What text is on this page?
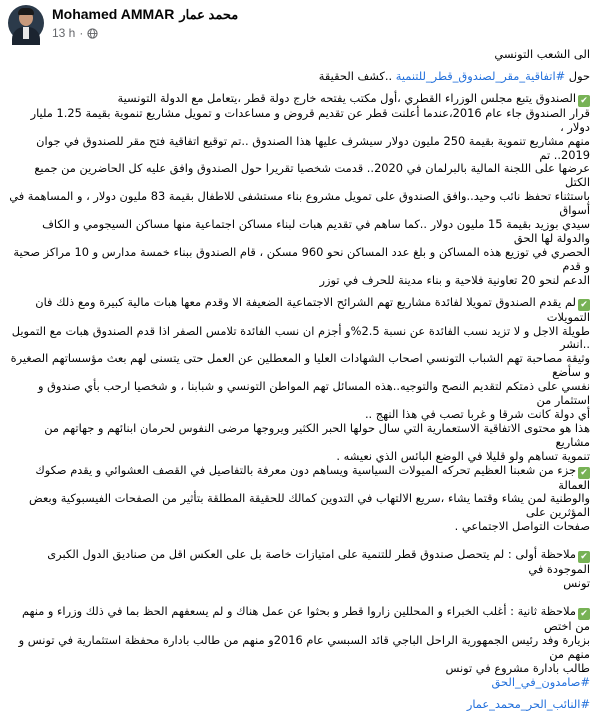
Mohamed AMMAR محمد عمار
13 h ·
الى الشعب التونسي
حول #اتفاقية_مقر_لصندوق_قطر_للتنمية ..كشف الحقيقة
✔الصندوق يتبع مجلس الوزراء القطري ،أول مكتب يفتحه خارج دولة قطر ،يتعامل مع الدولة التونسية
قرار الصندوق جاء عام 2016،عندما أعلنت قطر عن تقديم قروض و مساعدات و تمويل مشاريع تنموية بقيمة 1.25 مليار دولار ،
منهم مشاريع تنموية بقيمة 250 مليون دولار سيشرف عليها هذا الصندوق ..تم توقيع اتفاقية فتح مقر للصندوق في جوان 2019.. تم
عرضها على اللجنة المالية بالبرلمان في 2020.. قدمت شخصيا تقريرا حول الصندوق وافق عليه كل الحاضرين من جميع الكتل
باستثناء تحفظ نائب وحيد..وافق الصندوق على تمويل مشروع بناء مستشفى للاطفال بقيمة 83 مليون دولار ، و المساهمة في أسواق
سيدي بوزيد بقيمة 15 مليون دولار ..كما ساهم في تقديم هبات لبناء مساكن اجتماعية منها مساكن السيجومي و الكاف والدولة لها الحق
الحصري في توزيع هذه المساكن و بلغ عدد المساكن نحو 960 مسكن ، قام الصندوق ببناء خمسة مدارس و 10 مراكز صحية و قدم
الدعم لنحو 20 تعاونية فلاحية و بناء مدينة للحرف في توزر
✔لم يقدم الصندوق تمويلا لفائدة مشاريع تهم الشرائح الاجتماعية الضعيفة الا وقدم معها هبات مالية كبيرة ومع ذلك فان التمويلات
طويلة الاجل و لا تزيد نسب الفائدة عن نسبة 2.5%و أجزم ان نسب الفائدة تلامس الصفر اذا قدم الصندوق هبات مع التمويل ..انشر
وثيقة مصاحبة تهم الشباب التونسي اصحاب الشهادات العليا و المعطلين عن العمل حتى يتسنى لهم بعث مؤسساتهم الصغيرة و سأضع
نفسي على ذمتكم لتقديم النصح والتوجيه..هذه المسائل تهم المواطن التونسي و شبابنا ، و شخصيا ارحب بأي صندوق و استثمار من
أي دولة كانت شرقا و غربا تصب في هذا النهج ..
هذا هو محتوى الاتفاقية الاستعمارية التي سال حولها الحبر الكثير ويروجها مرضى النفوس لحرمان ابنائهم و جهاتهم من مشاريع
تنموية تساهم ولو قليلا في الوضع البائس الذي نعيشه .
✔جزء من شعبنا العظيم تحركه الميولات السياسية ويساهم دون معرفة بالتفاصيل في القصف العشوائي و يقدم صكوك العمالة
والوطنية لمن يشاء وقتما يشاء ،سريع الالتهاب في التدوين كمالك للحقيقة المطلقة بتأثير من الصفحات الفيسبوكية وبعض المؤثرين على
صفحات التواصل الاجتماعي .
✔ملاحظة أولى : لم يتحصل صندوق قطر للتنمية على امتيازات خاصة بل على العكس اقل من صناديق الدول الكبرى الموجودة في
تونس
✔ملاحظة ثانية : أغلب الخبراء و المحللين زاروا قطر و بحثوا عن عمل هناك و لم يسعفهم الحظ بما في ذلك وزراء و منهم من اختص
بزيارة وفد رئيس الجمهورية الراحل الباجي قائد السبسي عام 2016و منهم من طالب بادارة محفظة استثمارية في تونس و منهم من
طالب بادارة مشروع في تونس
#صامدون_في_الحق
#النائب_الحر_محمد_عمار
